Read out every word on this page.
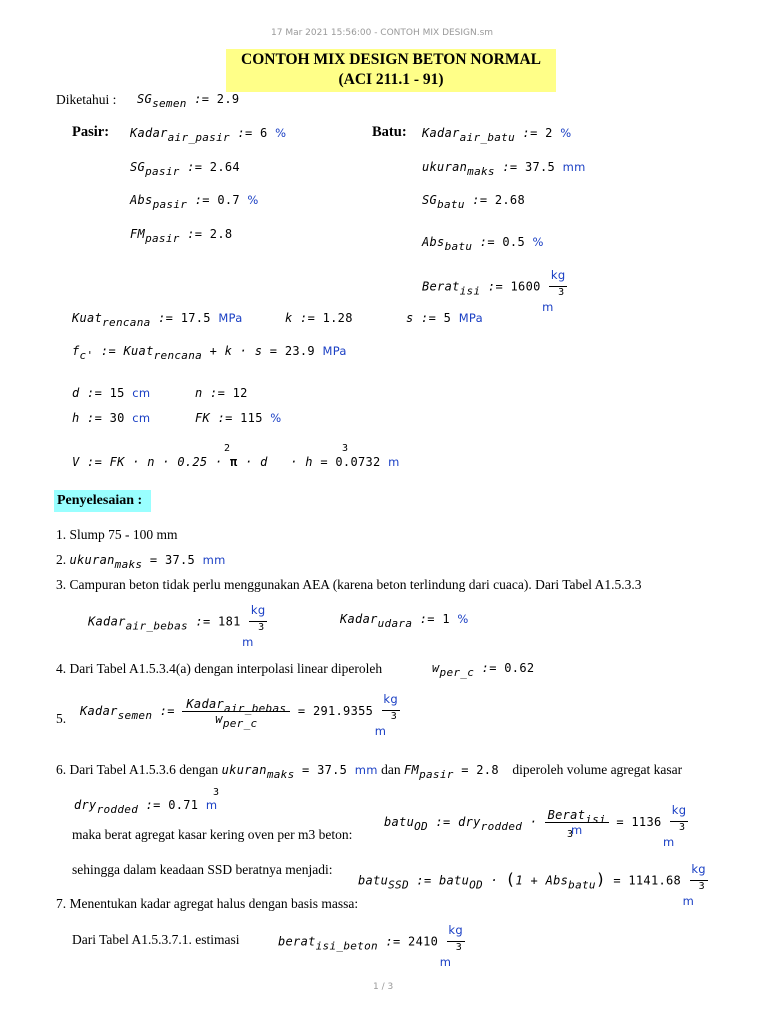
17 Mar 2021 15:56:00 - CONTOH MIX DESIGN.sm
CONTOH MIX DESIGN BETON NORMAL
(ACI 211.1 - 91)
Diketahui : $SG_{semen}$ := 2.9
Pasir: Kadar$_{air\_pasir}$ := 6 %
$SG_{pasir}$ := 2.64
Abs$_{pasir}$ := 0.7 %
$FM_{pasir}$ := 2.8
Batu: Kadar$_{air\_batu}$ := 2 %
ukuran$_{maks}$ := 37.5 mm
$SG_{batu}$ := 2.68
Abs$_{batu}$ := 0.5 %
Berat$_{isi}$ := 1600
kg
3
m
Kuat$_{rencana}$ := 17.5 MPa	k := 1.28	s := 5 MPa
$f_{c'}$ := Kuat$_{rencana}$ + k · s = 23.9 MPa
d := 15 cm	n := 12
h := 30 cm	FK := 115 %
V := FK · n · 0.25 · π · d   · h = 0.0732 m
2	3
Penyelesaian :
1. Slump 75 - 100 mm
2. ukuran$_{maks}$ = 37.5 mm
3. Campuran beton tidak perlu menggunakan AEA (karena beton terlindung dari cuaca). Dari Tabel A1.5.3.3
Kadar$_{air\_bebas}$ := 181
kg
3
m
Kadar$_{udara}$ := 1 %
4. Dari Tabel A1.5.3.4(a) dengan interpolasi linear diperoleh	$w_{per\_c}$ := 0.62
5. Kadar$_{semen}$ := $\frac{Kadar_{air\_bebas}}{w_{per\_c}} = 291.9355$
kg
3
m
6. Dari Tabel A1.5.3.6 dengan ukuran$_{maks}$ = 37.5 mm dan $FM_{pasir} = 2.8$ diperoleh volume agregat kasar
dry$_{rodded}$ := 0.71 m
3
maka berat agregat kasar kering oven per m3 beton:
batu$_{OD}$ := $dry_{rodded} \cdot \frac{Berat_{isi}}{m} = 1136$
kg
3
m
3
sehingga dalam keadaan SSD beratnya menjadi:
batu$_{SSD}$ := batu$_{OD}$ · (1 + Abs$_{batu}$) = 1141.68
kg
3
m
7. Menentukan kadar agregat halus dengan basis massa:
Dari Tabel A1.5.3.7.1. estimasi	berat$_{isi\_beton}$ := 2410
kg
3
m
1 / 3
